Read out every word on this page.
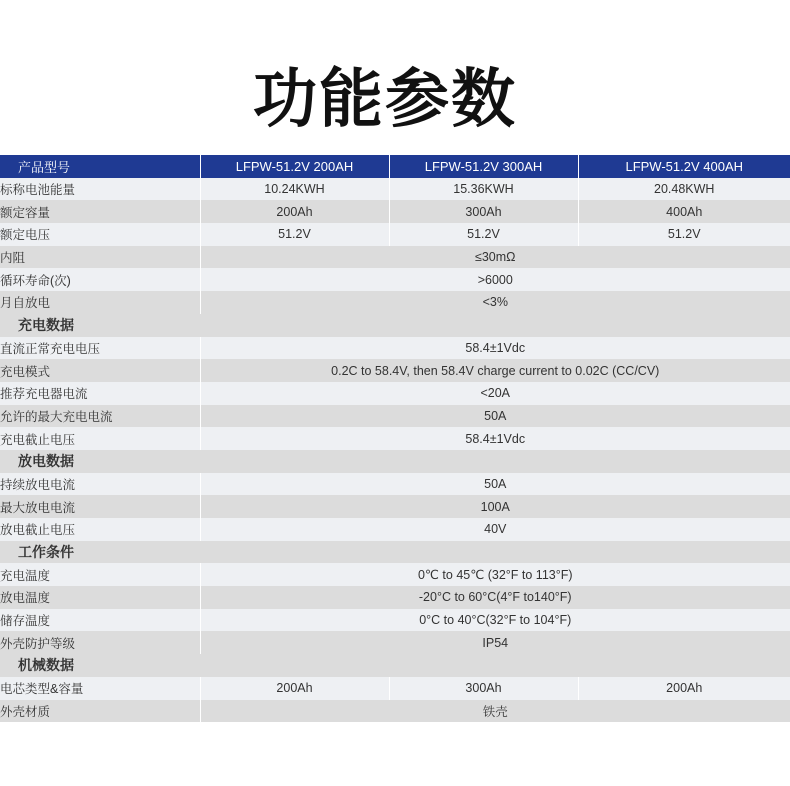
功能参数
产品型号	LFPW-51.2V 200AH	LFPW-51.2V 300AH	LFPW-51.2V 400AH
标称电池能量	10.24KWH	15.36KWH	20.48KWH
额定容量	200Ah	300Ah	400Ah
额定电压	51.2V	51.2V	51.2V
内阻	≤30mΩ		
循环寿命(次)	>6000		
月自放电	<3%		
充电数据			
直流正常充电电压	58.4±1Vdc		
充电模式	0.2C to 58.4V, then 58.4V charge current to 0.02C (CC/CV)		
推荐充电器电流	<20A		
允许的最大充电电流	50A		
充电截止电压	58.4±1Vdc		
放电数据			
持续放电电流	50A		
最大放电电流	100A		
放电截止电压	40V		
工作条件			
充电温度	0℃ to 45℃ (32°F to 113°F)		
放电温度	-20°C to 60°C(4°F to140°F)		
储存温度	0°C to 40°C(32°F to 104°F)		
外壳防护等级	IP54		
机械数据			
电芯类型&容量	200Ah	300Ah	200Ah
外壳材质	铁壳		
